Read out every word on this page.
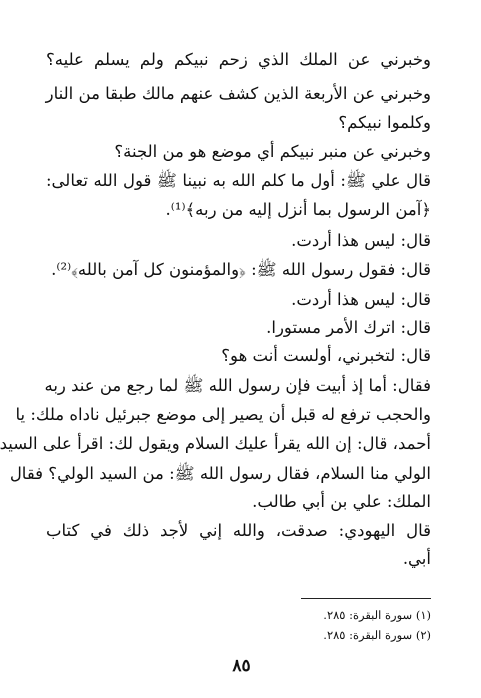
وخبرني عن الملك الذي زحم نبيكم ولم يسلم عليه؟
وخبرني عن الأربعة الذين كشف عنهم مالك طبقا من النار
وكلموا نبيكم؟
وخبرني عن منبر نبيكم أي موضع هو من الجنة؟
قال علي ﷺ: أول ما كلم الله به نبينا ﷺ قول الله تعالى:
﴿آمن الرسول بما أنزل إليه من ربه﴾⁽¹⁾.
قال: ليس هذا أردت.
قال: فقول رسول الله ﷺ: ﴿والمؤمنون كل آمن بالله﴾⁽²⁾.
قال: ليس هذا أردت.
قال: اترك الأمر مستورا.
قال: لتخبرني، أولست أنت هو؟
فقال: أما إذ أبيت فإن رسول الله ﷺ لما رجع من عند ربه
والحجب ترفع له قبل أن يصير إلى موضع جبرئيل ناداه ملك: يا
أحمد، قال: إن الله يقرأ عليك السلام ويقول لك: اقرأ على السيد
الولي منا السلام، فقال رسول الله ﷺ: من السيد الولي؟ فقال
الملك: علي بن أبي طالب.
قال اليهودي: صدقت، والله إني لأجد ذلك في كتاب
أبي.
(١) سورة البقرة: ٢٨٥.
(٢) سورة البقرة: ٢٨٥.
٨٥
